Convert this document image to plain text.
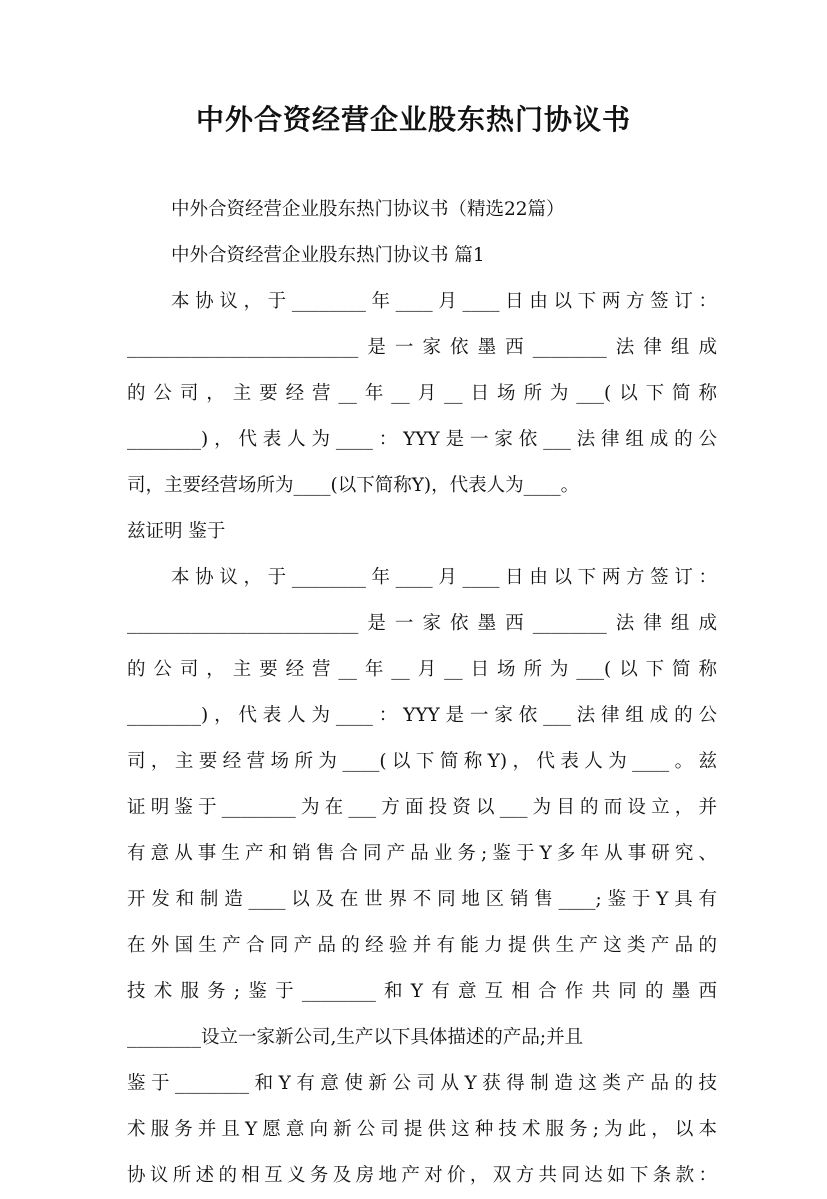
中外合资经营企业股东热门协议书
中外合资经营企业股东热门协议书（精选22篇）
中外合资经营企业股东热门协议书 篇1
本协议，于________年____月____日由以下两方签订：
_________________________是一家依墨西________法律组成
的公司，主要经营__年__月__日场所为___(以下简称
________)，代表人为____：YYY是一家依___法律组成的公
司，主要经营场所为____(以下简称Y)，代表人为____。
兹证明 鉴于
本协议，于________年____月____日由以下两方签订：
_________________________是一家依墨西________法律组成
的公司，主要经营__年__月__日场所为___(以下简称
________)，代表人为____：YYY是一家依___法律组成的公
司，主要经营场所为____(以下简称Y)，代表人为____。兹
证明鉴于________为在___方面投资以___为目的而设立，并
有意从事生产和销售合同产品业务;鉴于Y多年从事研究、
开发和制造____以及在世界不同地区销售____;鉴于Y具有
在外国生产合同产品的经验并有能力提供生产这类产品的
技术服务;鉴于________和Y有意互相合作共同的墨西
________设立一家新公司,生产以下具体描述的产品;并且
鉴于________和Y有意使新公司从Y获得制造这类产品的技
术服务并且Y愿意向新公司提供这种技术服务;为此，以本
协议所述的相互义务及房地产对价，双方共同达如下条款：
